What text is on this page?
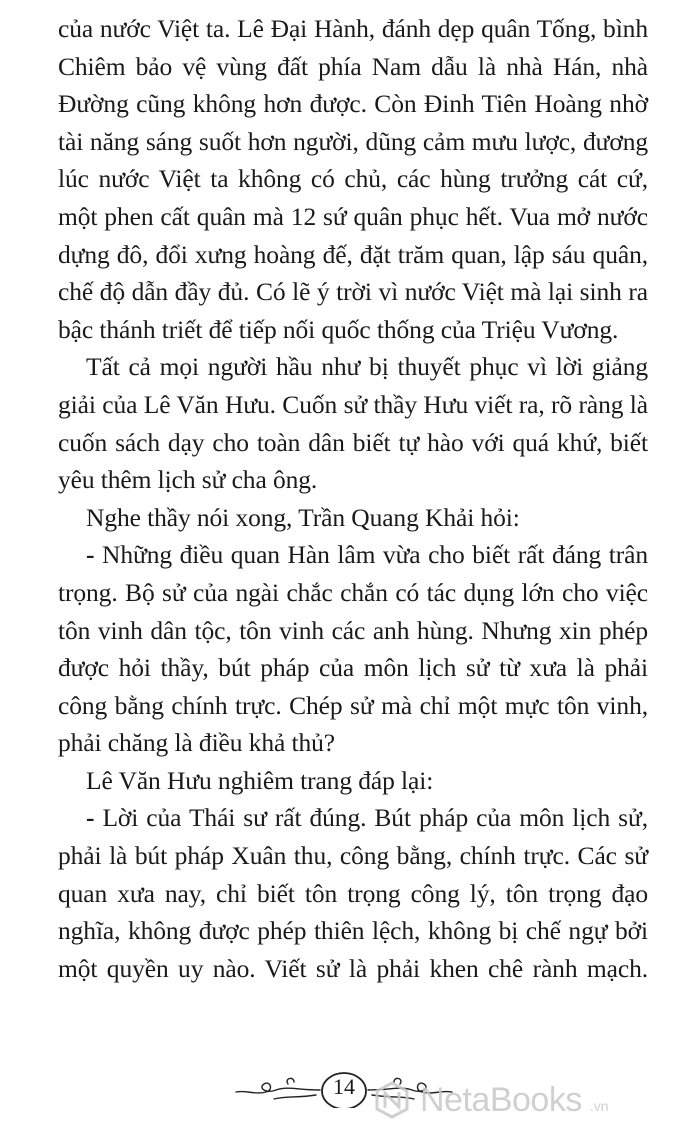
của nước Việt ta. Lê Đại Hành, đánh dẹp quân Tống, bình Chiêm bảo vệ vùng đất phía Nam dẫu là nhà Hán, nhà Đường cũng không hơn được. Còn Đinh Tiên Hoàng nhờ tài năng sáng suốt hơn người, dũng cảm mưu lược, đương lúc nước Việt ta không có chủ, các hùng trưởng cát cứ, một phen cất quân mà 12 sứ quân phục hết. Vua mở nước dựng đô, đổi xưng hoàng đế, đặt trăm quan, lập sáu quân, chế độ dẫn đầy đủ. Có lẽ ý trời vì nước Việt mà lại sinh ra bậc thánh triết để tiếp nối quốc thống của Triệu Vương.

Tất cả mọi người hầu như bị thuyết phục vì lời giảng giải của Lê Văn Hưu. Cuốn sử thầy Hưu viết ra, rõ ràng là cuốn sách dạy cho toàn dân biết tự hào với quá khứ, biết yêu thêm lịch sử cha ông.

Nghe thầy nói xong, Trần Quang Khải hỏi:

- Những điều quan Hàn lâm vừa cho biết rất đáng trân trọng. Bộ sử của ngài chắc chắn có tác dụng lớn cho việc tôn vinh dân tộc, tôn vinh các anh hùng. Nhưng xin phép được hỏi thầy, bút pháp của môn lịch sử từ xưa là phải công bằng chính trực. Chép sử mà chỉ một mực tôn vinh, phải chăng là điều khả thủ?

Lê Văn Hưu nghiêm trang đáp lại:

- Lời của Thái sư rất đúng. Bút pháp của môn lịch sử, phải là bút pháp Xuân thu, công bằng, chính trực. Các sử quan xưa nay, chỉ biết tôn trọng công lý, tôn trọng đạo nghĩa, không được phép thiên lệch, không bị chế ngự bởi một quyền uy nào. Viết sử là phải khen chê rành mạch.

14	NetaBooks .vn
